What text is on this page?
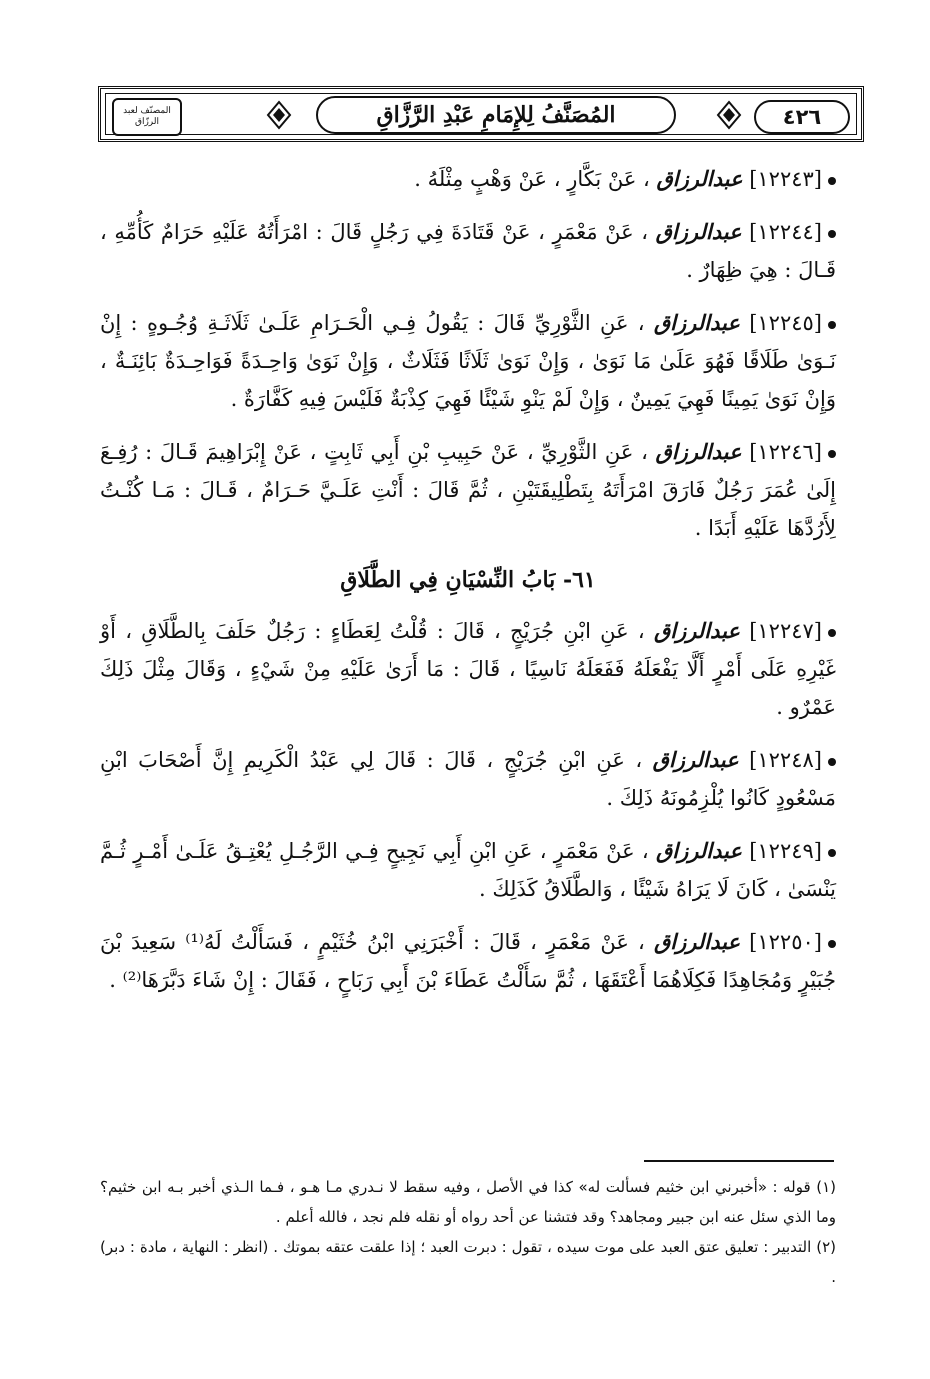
٤٢٦
المُصَنَّفُ لِلإِمَامِ عَبْدِ الرَّزَّاقِ
المصنّف لعبد الرزّاق

[١٢٢٤٣] عبدالرزاق ، عَنْ بَكَّارٍ ، عَنْ وَهْبٍ مِثْلَهُ .

[١٢٢٤٤] عبدالرزاق ، عَنْ مَعْمَرٍ ، عَنْ قَتَادَةَ فِي رَجُلٍ قَالَ : امْرَأَتُهُ عَلَيْهِ حَرَامٌ كَأُمِّهِ ، قَـالَ : هِيَ ظِهَارٌ .

[١٢٢٤٥] عبدالرزاق ، عَنِ الثَّوْرِيِّ قَالَ : يَقُولُ فِـي الْحَـرَامِ عَلَـىٰ ثَلَاثَـةِ وُجُـوهٍ : إِنْ نَـوَىٰ طَلَاقًا فَهُوَ عَلَىٰ مَا نَوَىٰ ، وَإِنْ نَوَىٰ ثَلَاثًا فَثَلَاثٌ ، وَإِنْ نَوَىٰ وَاحِـدَةً فَوَاحِـدَةٌ بَائِنَـةٌ ، وَإِنْ نَوَىٰ يَمِينًا فَهِيَ يَمِينٌ ، وَإِنْ لَمْ يَنْوِ شَيْئًا فَهِيَ كِذْبَةٌ فَلَيْسَ فِيهِ كَفَّارَةٌ .

[١٢٢٤٦] عبدالرزاق ، عَنِ الثَّوْرِيِّ ، عَنْ حَبِيبِ بْنِ أَبِي ثَابِتٍ ، عَنْ إِبْرَاهِيمَ قَـالَ : رُفِـعَ إِلَىٰ عُمَرَ رَجُلٌ فَارَقَ امْرَأَتَهُ بِتَطْلِيقَتَيْنِ ، ثُمَّ قَالَ : أَنْتِ عَلَـيَّ حَـرَامٌ ، قَـالَ : مَـا كُنْـتُ لِأَرُدَّهَا عَلَيْهِ أَبَدًا .

٦١- بَابُ النِّسْيَانِ فِي الطَّلَاقِ

[١٢٢٤٧] عبدالرزاق ، عَنِ ابْنِ جُرَيْجٍ ، قَالَ : قُلْتُ لِعَطَاءٍ : رَجُلٌ حَلَفَ بِالطَّلَاقِ ، أَوْ غَيْرِهِ عَلَى أَمْرٍ أَلَّا يَفْعَلَهُ فَفَعَلَهُ نَاسِيًا ، قَالَ : مَا أَرَىٰ عَلَيْهِ مِنْ شَيْءٍ ، وَقَالَ مِثْلَ ذَلِكَ عَمْرٌو .

[١٢٢٤٨] عبدالرزاق ، عَنِ ابْنِ جُرَيْجٍ ، قَالَ : قَالَ لِي عَبْدُ الْكَرِيمِ إِنَّ أَصْحَابَ ابْنِ مَسْعُودٍ كَانُوا يُلْزِمُونَهُ ذَلِكَ .

[١٢٢٤٩] عبدالرزاق ، عَنْ مَعْمَرٍ ، عَنِ ابْنِ أَبِي نَجِيحٍ فِـي الرَّجُـلِ يُعْتِـقُ عَلَـىٰ أَمْـرٍ ثُـمَّ يَنْسَىٰ ، كَانَ لَا يَرَاهُ شَيْئًا ، وَالطَّلَاقُ كَذَلِكَ .

[١٢٢٥٠] عبدالرزاق ، عَنْ مَعْمَرٍ ، قَالَ : أَخْبَرَنِي ابْنُ خُثَيْمٍ ، فَسَأَلْتُ لَهُ⁽¹⁾ سَعِيدَ بْنَ جُبَيْرٍ وَمُجَاهِدًا فَكِلَاهُمَا أَعْتَقَهَا ، ثُمَّ سَأَلْتُ عَطَاءَ بْنَ أَبِي رَبَاحٍ ، فَقَالَ : إِنْ شَاءَ دَبَّرَهَا⁽²⁾ .

(١) قوله : «أخبرني ابن خثيم فسألت له» كذا في الأصل ، وفيه سقط لا نـدري مـا هـو ، فـما الـذي أخبر بـه ابن خثيم؟ وما الذي سئل عنه ابن جبير ومجاهد؟ وقد فتشنا عن أحد رواه أو نقله فلم نجد ، فالله أعلم .

(٢) التدبير : تعليق عتق العبد على موت سيده ، تقول : دبرت العبد ؛ إذا علقت عتقه بموتك . (انظر : النهاية ، مادة : دبر) .
